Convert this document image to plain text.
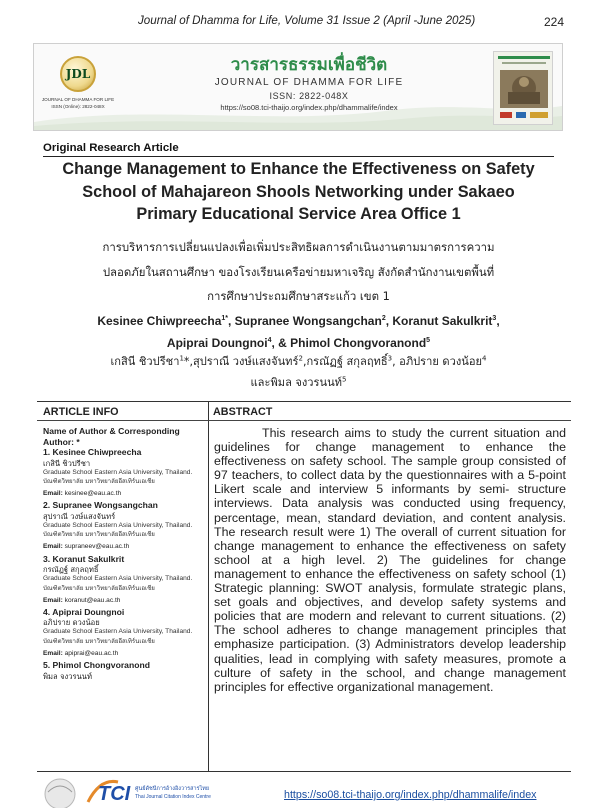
Journal of Dhamma for Life, Volume 31 Issue 2 (April -June 2025)	224
JDL
JOURNAL OF DHAMMA FOR LIFE
ISSN (Online): 2822-048X
วารสารธรรมเพื่อชีวิต
JOURNAL OF DHAMMA FOR LIFE
ISSN: 2822-048X
https://so08.tci-thaijo.org/index.php/dhammalife/index
Original Research Article
Change Management to Enhance the Effectiveness on Safety
School of Mahajareon Shools Networking under Sakaeo
Primary Educational Service Area Office 1
การบริหารการเปลี่ยนแปลงเพื่อเพิ่มประสิทธิผลการดำเนินงานตามมาตรการความ
ปลอดภัยในสถานศึกษา ของโรงเรียนเครือข่ายมหาเจริญ สังกัดสำนักงานเขตพื้นที่
การศึกษาประถมศึกษาสระแก้ว เขต 1
Kesinee Chiwpreecha$^{1*}$, Supranee Wongsangchan$^2$, Koranut Sakulkrit$^3$,
Apiprai Doungnoi$^4$, & Phimol Chongvoranond$^5$
เกสินี ชิวปรีชา$^1$*,สุปราณี วงษ์แสงจันทร์$^2$,กรณัฏฐ์ สกุลฤทธิ์$^3$, อภิปราย ดวงน้อย$^4$
และพิมล จงวรนนท์$^5$
ARTICLE INFO	ABSTRACT
Name of Author & Corresponding Author: *
1. Kesinee Chiwpreecha
เกสินี ชิวปรีชา
Graduate School Eastern Asia University, Thailand.
บัณฑิตวิทยาลัย มหาวิทยาลัยอีสเทิร์นเอเชีย
Email: kesinee@eau.ac.th
2. Supranee Wongsangchan
สุปราณี วงษ์แสงจันทร์
Graduate School Eastern Asia University, Thailand.
บัณฑิตวิทยาลัย มหาวิทยาลัยอีสเทิร์นเอเชีย
Email: supraneev@eau.ac.th
3. Koranut Sakulkrit
กรณัฏฐ์ สกุลฤทธิ์
Graduate School Eastern Asia University, Thailand.
บัณฑิตวิทยาลัย มหาวิทยาลัยอีสเทิร์นเอเชีย
Email: koranut@eau.ac.th
4. Apiprai Doungnoi
อภิปราย ดวงน้อย
Graduate School Eastern Asia University, Thailand.
บัณฑิตวิทยาลัย มหาวิทยาลัยอีสเทิร์นเอเชีย
Email: apiprai@eau.ac.th
5. Phimol Chongvoranond
พิมล จงวรนนท์
This research aims to study the current situation and guidelines for change management to enhance the effectiveness on safety school. The sample group consisted of 97 teachers, to collect data by the questionnaires with a 5-point Likert scale and interview 5 informants by semi- structure interviews. Data analysis was conducted using frequency, percentage, mean, standard deviation, and content analysis. The research result were 1) The overall of current situation for change management to enhance the effectiveness on safety school at a high level. 2) The guidelines for change management to enhance the effectiveness on safety school (1) Strategic planning: SWOT analysis, formulate strategic plans, set goals and objectives, and develop safety systems and policies that are modern and relevant to current situations. (2) The school adheres to change management principles that emphasize participation. (3) Administrators develop leadership qualities, lead in complying with safety measures, promote a culture of safety in the school, and change management principles for effective organizational management.
TCI ศูนย์ดัชนีการอ้างอิงวารสารไทย
Thai Journal Citation Index Centre	https://so08.tci-thaijo.org/index.php/dhammalife/index
